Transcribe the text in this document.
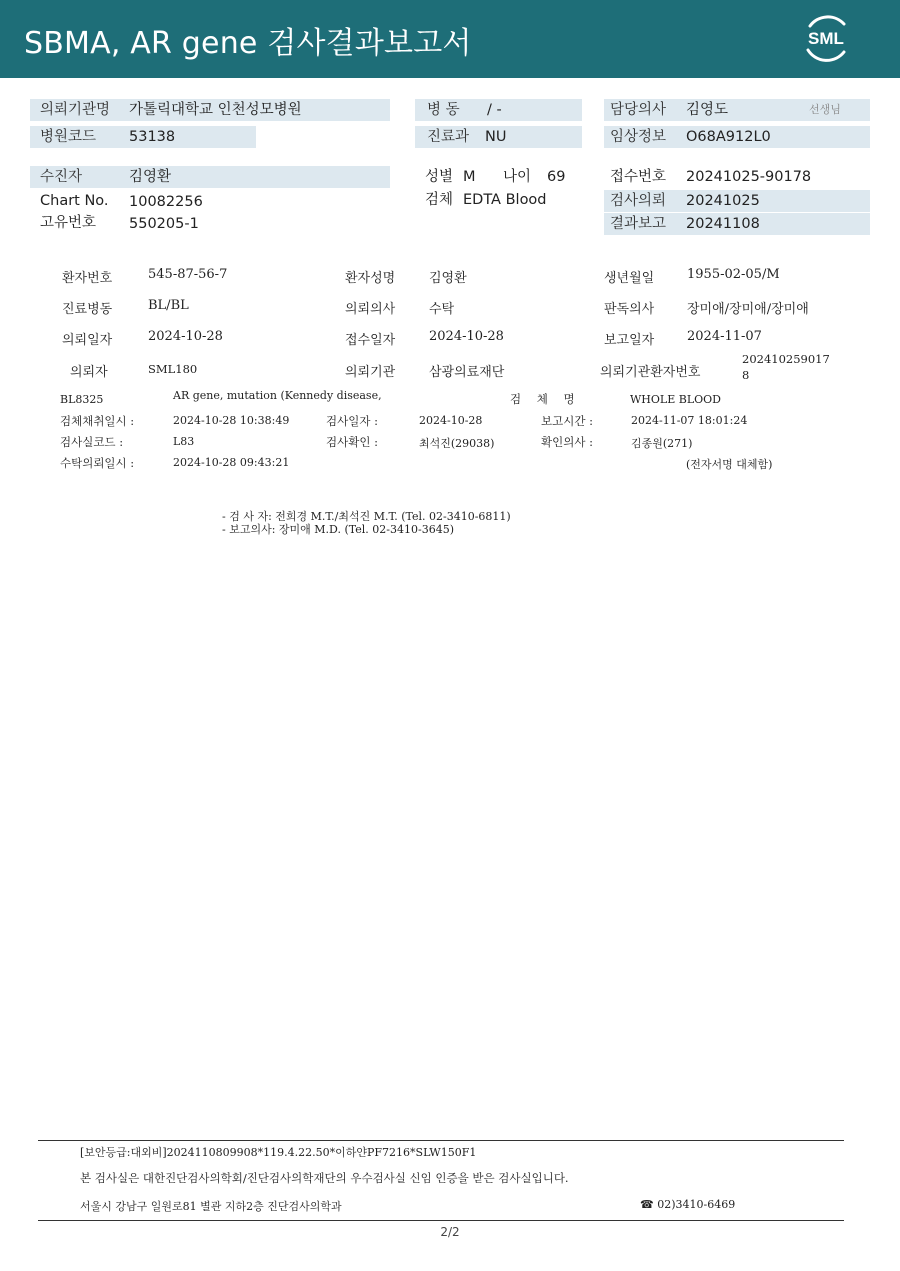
SBMA, AR gene 검사결과보고서	SML
의뢰기관명 가톨릭대학교 인천성모병원
병원코드 53138
병 동 / -
진료과 NU
담당의사 김영도	선생님
임상정보 O68A912L0
수진자	김영환
Chart No. 10082256
고유번호 550205-1
성별 M 나이 69
검체 EDTA Blood
접수번호 20241025-90178
검사의뢰 20241025
결과보고 20241108
환자번호	545-87-56-7	환자성명	김영환	생년월일	1955-02-05/M
진료병동	BL/BL	의뢰의사	수탁	판독의사	장미애/장미애/장미애
의뢰일자	2024-10-28	접수일자	2024-10-28	보고일자	2024-11-07
의뢰자	SML180	의뢰기관	삼광의료재단	의뢰기관환자번호
202410259017
8
BL8325	AR gene, mutation (Kennedy disease,	검 체 명	WHOLE BLOOD
검체채취일시 :	2024-10-28 10:38:49	검사일자 :	2024-10-28	보고시간 :	2024-11-07 18:01:24
검사실코드 :	L83	검사확인 :	최석진(29038)	확인의사 :	김종원(271)
수탁의뢰일시 :	2024-10-28 09:43:21	(전자서명 대체함)
- 검 사 자: 전희경 M.T./최석진 M.T. (Tel. 02-3410-6811)
- 보고의사: 장미애 M.D. (Tel. 02-3410-3645)
[보안등급:대외비]2024110809908*119.4.22.50*이하얀PF7216*SLW150F1
본 검사실은 대한진단검사의학회/진단검사의학재단의 우수검사실 신임 인증을 받은 검사실입니다.
서울시 강남구 일원로81 별관 지하2층 진단검사의학과	☎ 02)3410-6469
2/2
